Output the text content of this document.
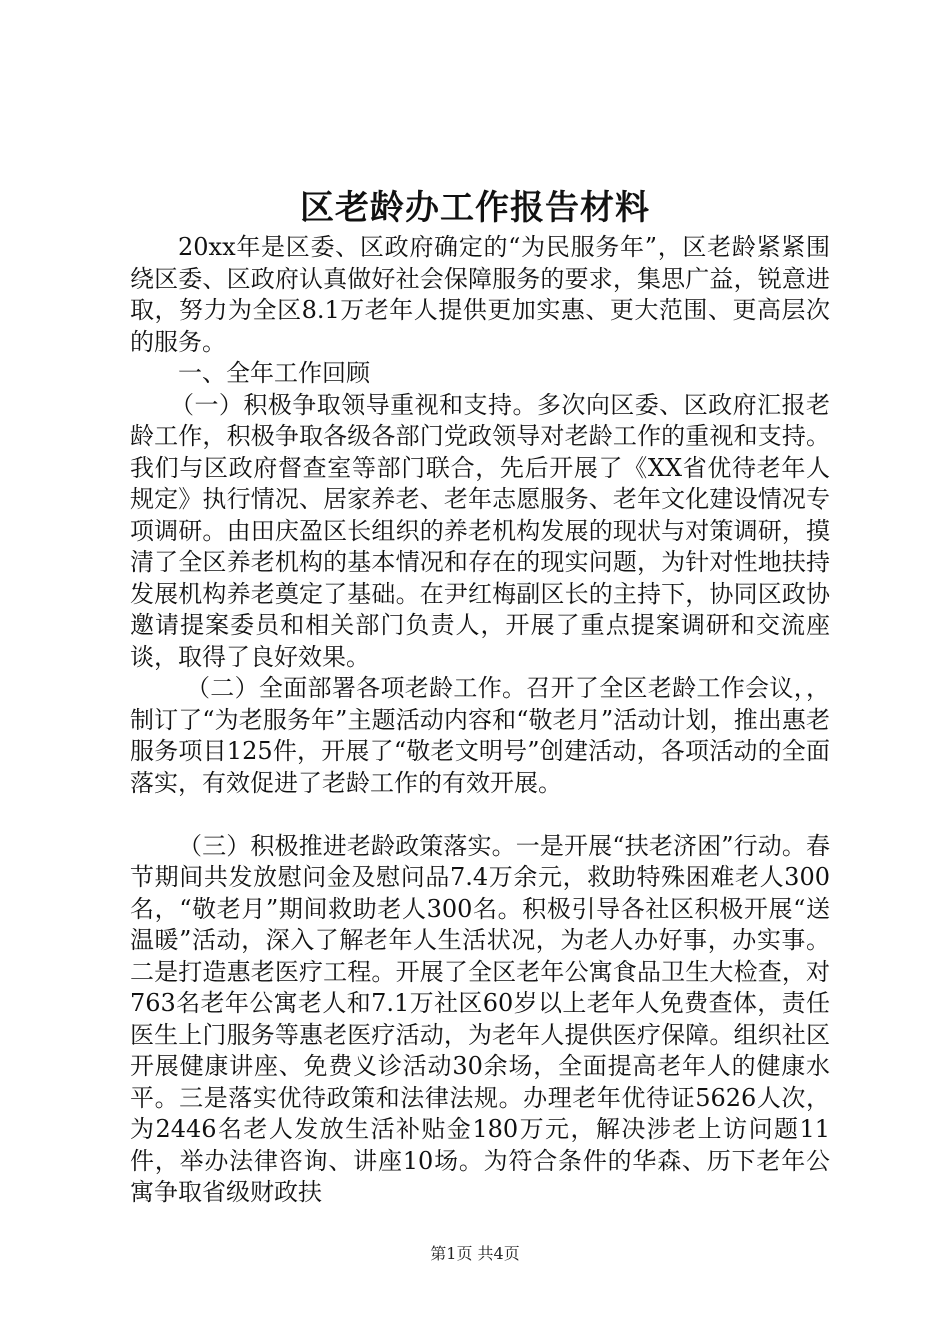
区老龄办工作报告材料

20xx年是区委、区政府确定的“为民服务年”，区老龄紧紧围绕区委、区政府认真做好社会保障服务的要求，集思广益，锐意进取，努力为全区8.1万老年人提供更加实惠、更大范围、更高层次的服务。

一、全年工作回顾

（一）积极争取领导重视和支持。多次向区委、区政府汇报老龄工作，积极争取各级各部门党政领导对老龄工作的重视和支持。我们与区政府督查室等部门联合，先后开展了《XX省优待老年人规定》执行情况、居家养老、老年志愿服务、老年文化建设情况专项调研。由田庆盈区长组织的养老机构发展的现状与对策调研，摸清了全区养老机构的基本情况和存在的现实问题，为针对性地扶持发展机构养老奠定了基础。在尹红梅副区长的主持下，协同区政协邀请提案委员和相关部门负责人，开展了重点提案调研和交流座谈，取得了良好效果。

（二）全面部署各项老龄工作。召开了全区老龄工作会议，，制订了“为老服务年”主题活动内容和“敬老月”活动计划，推出惠老服务项目125件，开展了“敬老文明号”创建活动，各项活动的全面落实，有效促进了老龄工作的有效开展。

（三）积极推进老龄政策落实。一是开展“扶老济困”行动。春节期间共发放慰问金及慰问品7.4万余元，救助特殊困难老人300名，“敬老月”期间救助老人300名。积极引导各社区积极开展“送温暖”活动，深入了解老年人生活状况，为老人办好事，办实事。二是打造惠老医疗工程。开展了全区老年公寓食品卫生大检查，对763名老年公寓老人和7.1万社区60岁以上老年人免费查体，责任医生上门服务等惠老医疗活动，为老年人提供医疗保障。组织社区开展健康讲座、免费义诊活动30余场，全面提高老年人的健康水平。三是落实优待政策和法律法规。办理老年优待证5626人次，为2446名老人发放生活补贴金180万元，解决涉老上访问题11件，举办法律咨询、讲座10场。为符合条件的华森、历下老年公寓争取省级财政扶

第1页 共4页
